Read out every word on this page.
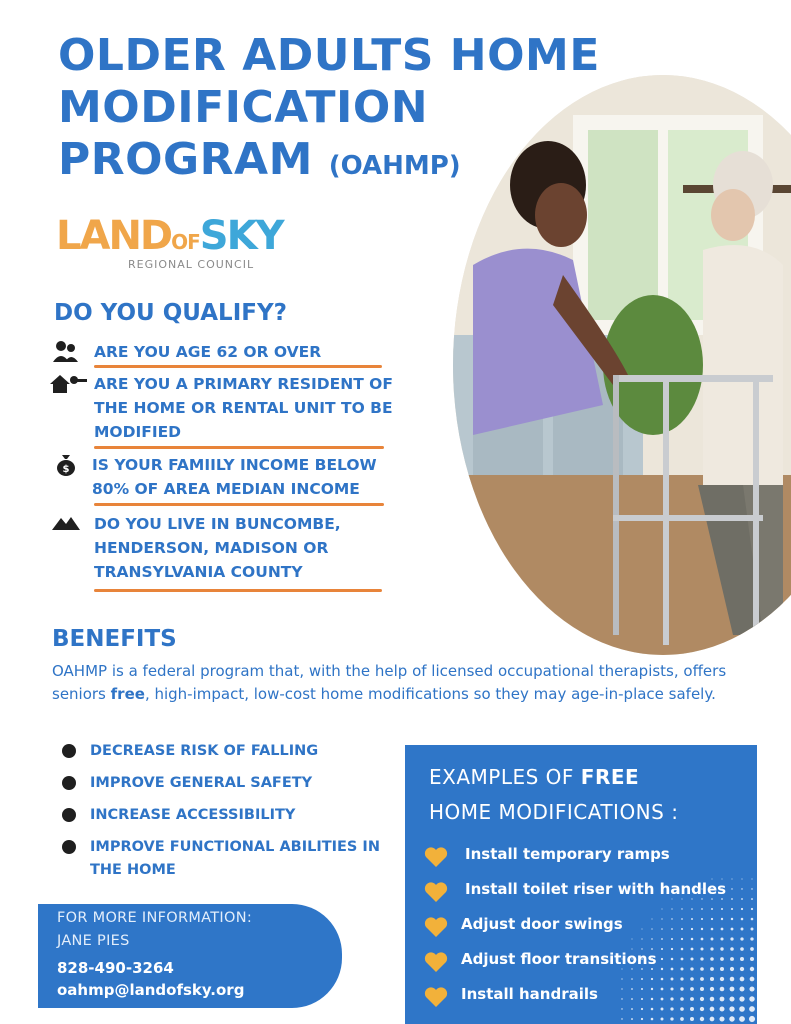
OLDER ADULTS HOME
MODIFICATION
PROGRAM (OAHMP)
LANDOFSKY
REGIONAL COUNCIL
DO YOU QUALIFY?
ARE YOU AGE 62 OR OVER
ARE YOU A PRIMARY RESIDENT OF THE HOME OR RENTAL UNIT TO BE MODIFIED
$ IS YOUR FAMIILY INCOME BELOW 80% OF AREA MEDIAN INCOME
DO YOU LIVE IN BUNCOMBE, HENDERSON, MADISON OR TRANSYLVANIA COUNTY
BENEFITS
OAHMP is a federal program that, with the help of licensed occupational therapists, offers seniors free, high-impact, low-cost home modifications so they may age-in-place safely.
DECREASE RISK OF FALLING
IMPROVE GENERAL SAFETY
INCREASE ACCESSIBILITY
IMPROVE FUNCTIONAL ABILITIES IN THE HOME
FOR MORE INFORMATION:
JANE PIES
828-490-3264
oahmp@landofsky.org
EXAMPLES OF FREE
HOME MODIFICATIONS :
Install temporary ramps
Install toilet riser with handles
Adjust door swings
Adjust floor transitions
Install handrails
